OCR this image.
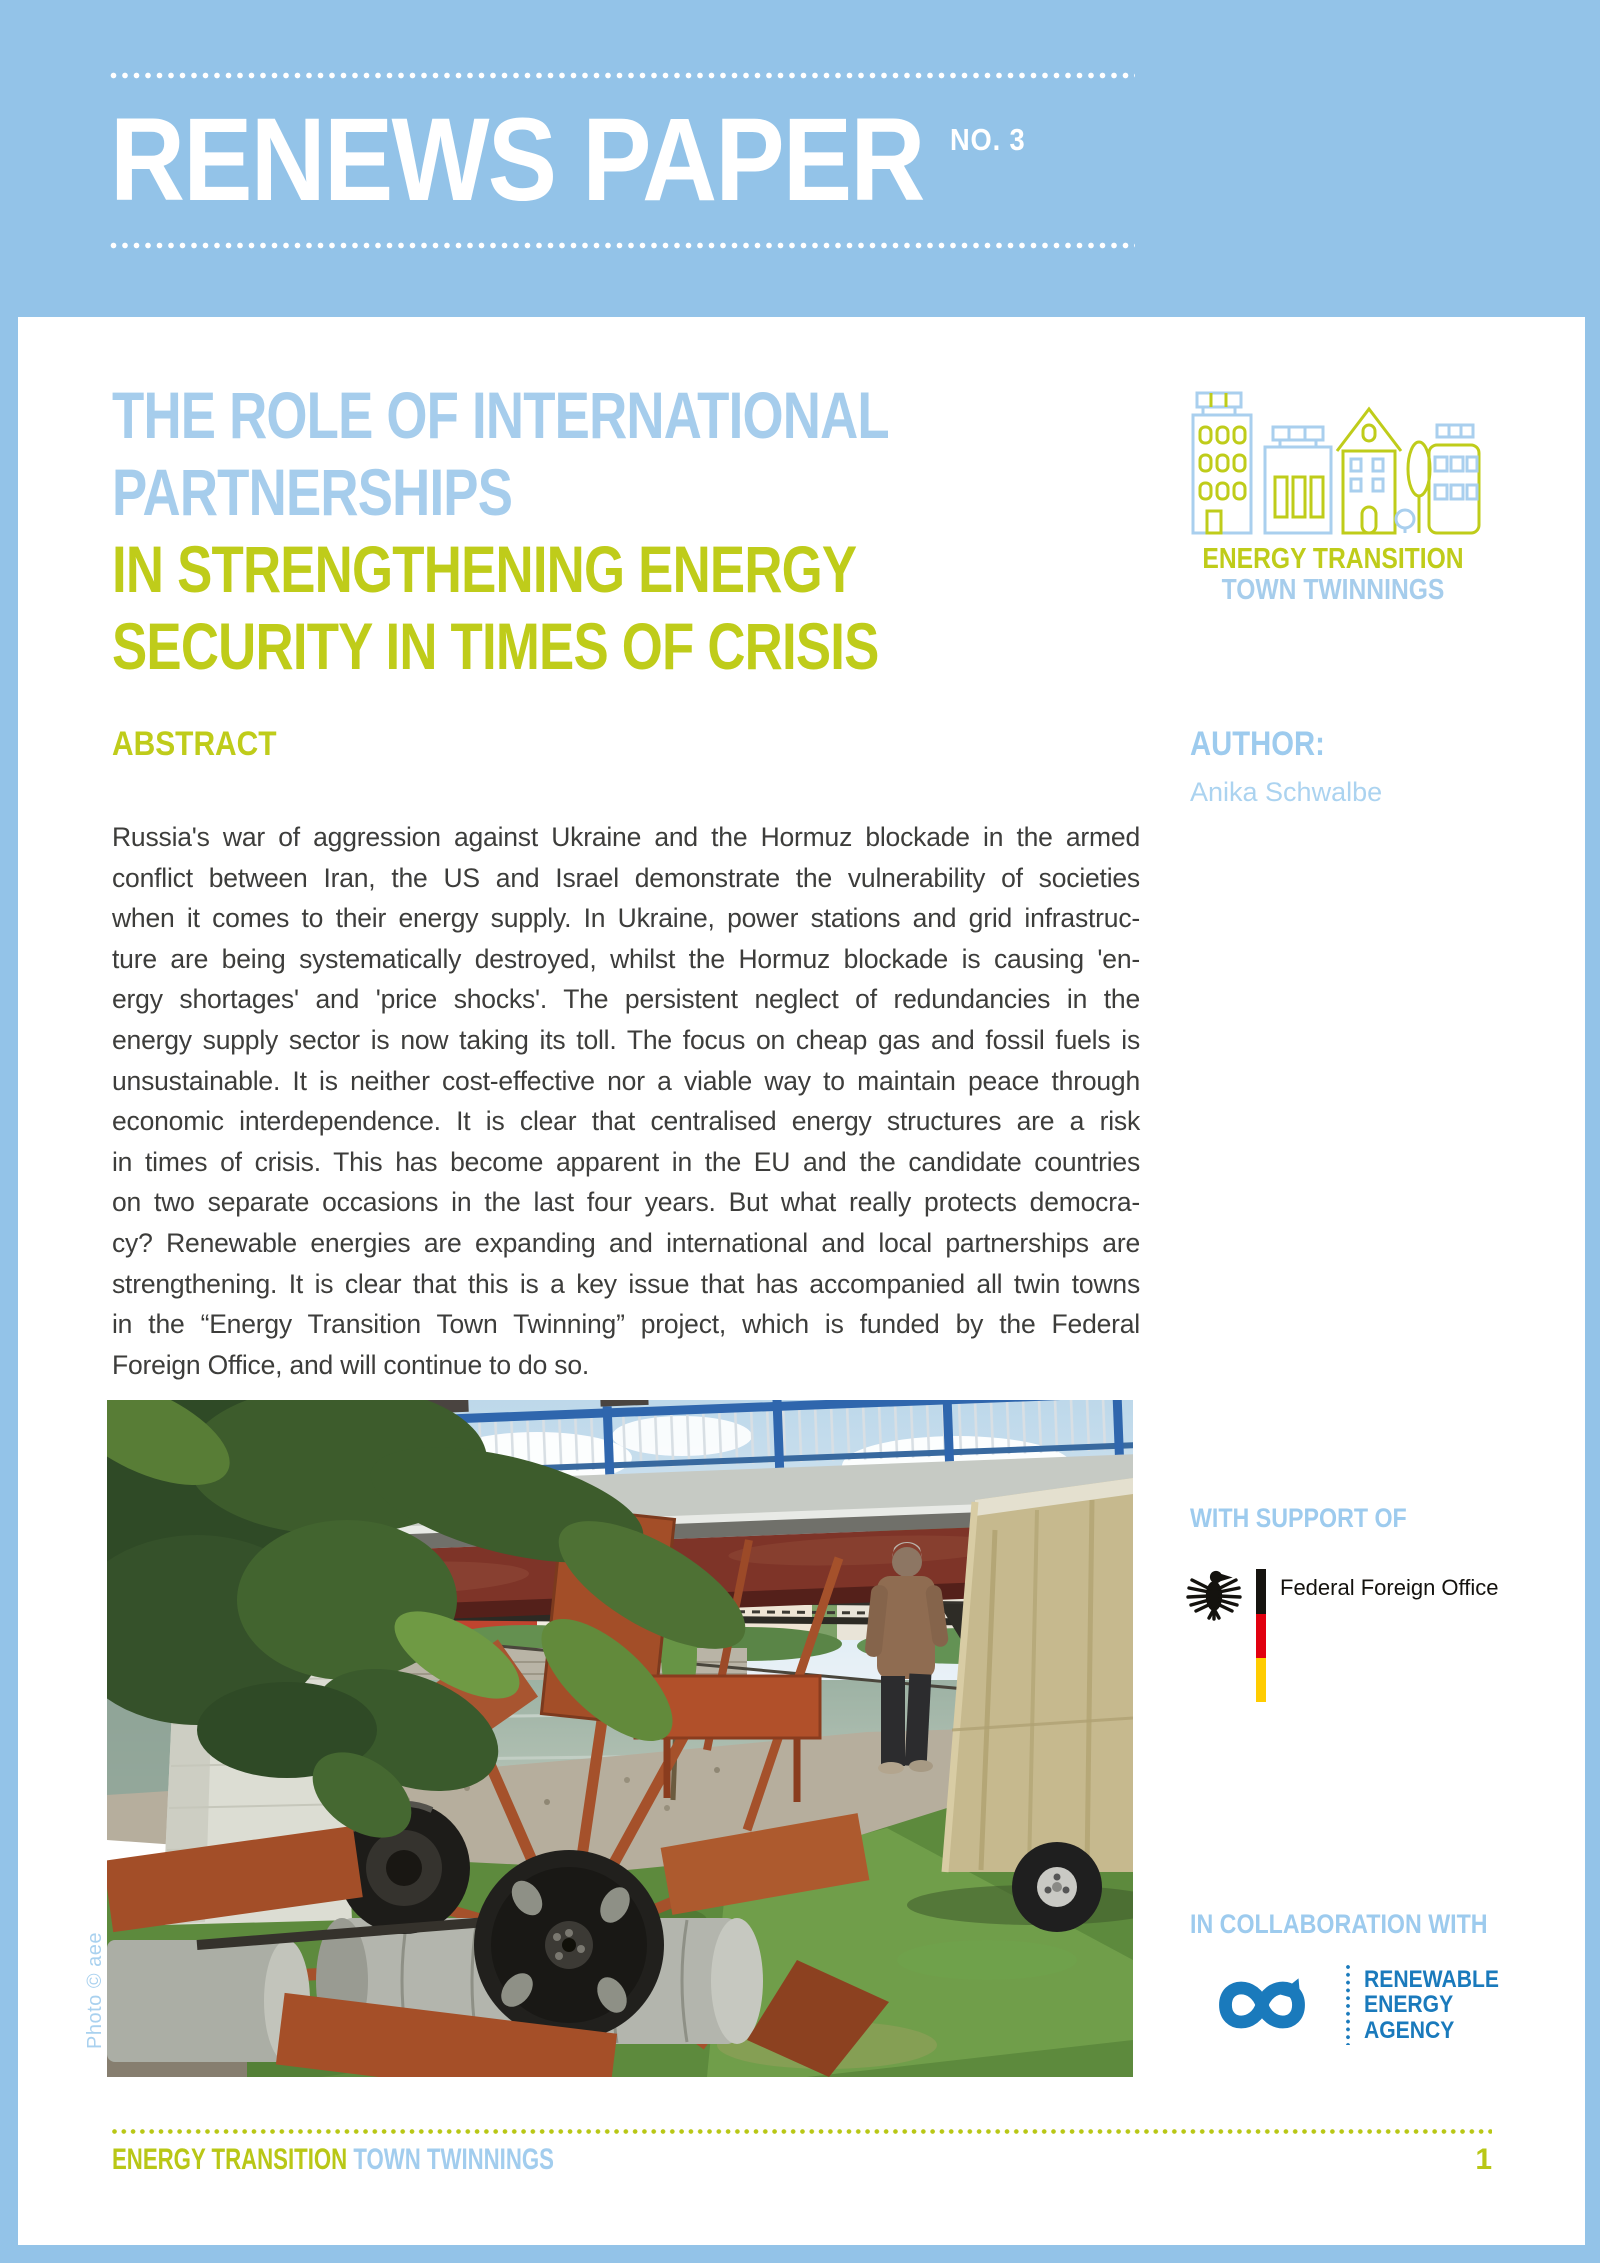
RENEWS PAPER $^{NO. 3}$
THE ROLE OF INTERNATIONAL
PARTNERSHIPS
IN STRENGTHENING ENERGY
SECURITY IN TIMES OF CRISIS
ABSTRACT
Russia's war of aggression against Ukraine and the Hormuz blockade in the armed
conflict between Iran, the US and Israel demonstrate the vulnerability of societies
when it comes to their energy supply. In Ukraine, power stations and grid infrastruc-
ture are being systematically destroyed, whilst the Hormuz blockade is causing 'en-
ergy shortages' and 'price shocks'. The persistent neglect of redundancies in the
energy supply sector is now taking its toll. The focus on cheap gas and fossil fuels is
unsustainable. It is neither cost-effective nor a viable way to maintain peace through
economic interdependence. It is clear that centralised energy structures are a risk
in times of crisis. This has become apparent in the EU and the candidate countries
on two separate occasions in the last four years. But what really protects democra-
cy? Renewable energies are expanding and international and local partnerships are
strengthening. It is clear that this is a key issue that has accompanied all twin towns
in the “Energy Transition Town Twinning” project, which is funded by the Federal
Foreign Office, and will continue to do so.
Photo © aee
ENERGY TRANSITION
TOWN TWINNINGS
AUTHOR:
Anika Schwalbe
WITH SUPPORT OF
Federal Foreign Office
IN COLLABORATION WITH
RENEWABLE
ENERGY
AGENCY
ENERGY TRANSITION TOWN TWINNINGS	1
